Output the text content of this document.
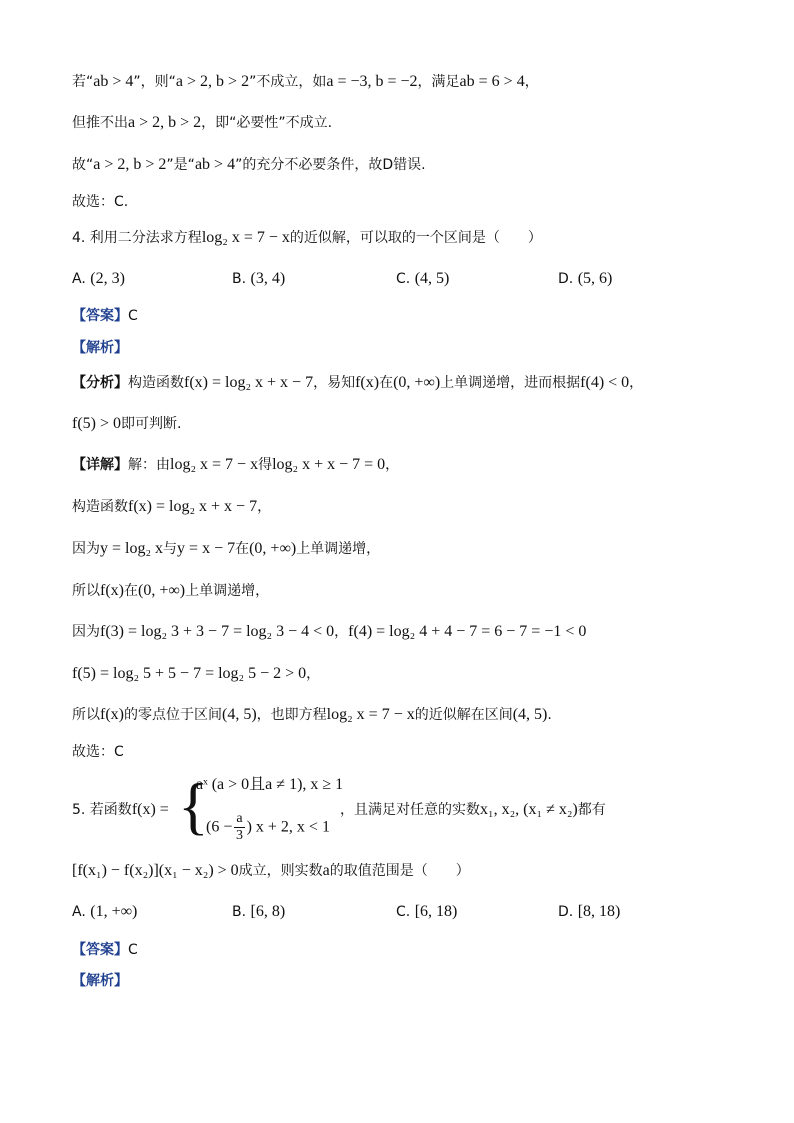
若“ab > 4”，则“a > 2, b > 2”不成立，如a = −3, b = −2，满足ab = 6 > 4，
但推不出a > 2, b > 2，即“必要性”不成立.
故“a > 2, b > 2”是“ab > 4”的充分不必要条件，故D错误.
故选：C.
4. 利用二分法求方程log₂ x = 7 − x的近似解，可以取的一个区间是（　　）
A. (2, 3)	B. (3, 4)	C. (4, 5)	D. (5, 6)
【答案】C
【解析】
【分析】构造函数f(x) = log₂ x + x − 7，易知f(x)在(0, +∞)上单调递增，进而根据f(4) < 0，
f(5) > 0即可判断.
【详解】解：由log₂ x = 7 − x得log₂ x + x − 7 = 0，
构造函数f(x) = log₂ x + x − 7，
因为y = log₂ x与y = x − 7在(0, +∞)上单调递增，
所以f(x)在(0, +∞)上单调递增，
因为f(3) = log₂ 3 + 3 − 7 = log₂ 3 − 4 < 0，f(4) = log₂ 4 + 4 − 7 = 6 − 7 = −1 < 0
f(5) = log₂ 5 + 5 − 7 = log₂ 5 − 2 > 0，
所以f(x)的零点位于区间(4, 5)，也即方程log₂ x = 7 − x的近似解在区间(4, 5).
故选：C
5. 若函数f(x) = {
aˣ (a > 0且a ≠ 1), x ≥ 1
($6 - \frac{a}{3}$ ) x + 2, x < 1
，且满足对任意的实数x₁, x₂, (x₁ ≠ x₂)都有
[f(x₁) − f(x₂)](x₁ − x₂) > 0成立，则实数a的取值范围是（　　）
A. (1, +∞)	B. [6, 8)	C. [6, 18)	D. [8, 18)
【答案】C
【解析】
